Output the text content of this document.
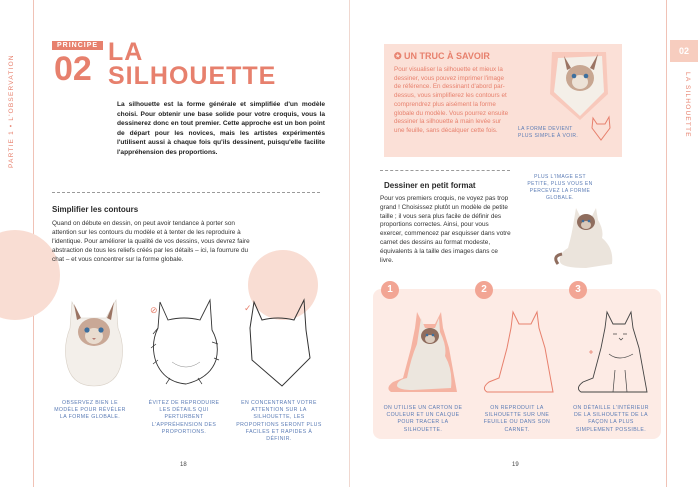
PARTIE 1 • L'OBSERVATION
02
LA SILHOUETTE
PRINCIPE
02 LA
SILHOUETTE

La silhouette est la forme générale et simplifiée d'un modèle choisi. Pour obtenir une base solide pour votre croquis, vous la dessinerez donc en tout premier. Cette approche est un bon point de départ pour les novices, mais les artistes expérimentés l'utilisent aussi à chaque fois qu'ils dessinent, puisqu'elle facilite l'appréhension des proportions.

Simplifier les contours

Quand on débute en dessin, on peut avoir tendance à porter son attention sur les contours du modèle et à tenter de les reproduire à l'identique. Pour améliorer la qualité de vos dessins, vous devrez faire abstraction de tous les reliefs créés par les détails – ici, la fourrure du chat – et vous concentrer sur la forme globale.

⊘	✓
OBSERVEZ BIEN LE MODÈLE POUR RÉVÉLER LA FORME GLOBALE.
ÉVITEZ DE REPRODUIRE LES DÉTAILS QUI PERTURBENT L'APPRÉHENSION DES PROPORTIONS.
EN CONCENTRANT VOTRE ATTENTION SUR LA SILHOUETTE, LES PROPORTIONS SERONT PLUS FACILES ET RAPIDES À DÉFINIR.
18
✪ UN TRUC À SAVOIR

Pour visualiser la silhouette et mieux la dessiner, vous pouvez imprimer l'image de référence. En dessinant d'abord par-dessus, vous simplifierez les contours et comprendrez plus aisément la forme globale du modèle. Vous pourrez ensuite dessiner la silhouette à main levée sur une feuille, sans décalquer cette fois.	LA FORME DEVIENT PLUS SIMPLE À VOIR.
Dessiner en petit format

Pour vos premiers croquis, ne voyez pas trop grand ! Choisissez plutôt un modèle de petite taille ; il vous sera plus facile de définir des proportions correctes. Ainsi, pour vous exercer, commencez par esquisser dans votre carnet des dessins au format modeste, équivalents à la taille des images dans ce livre.

PLUS L'IMAGE EST PETITE, PLUS VOUS EN PERCEVEZ LA FORME GLOBALE.
1	2	3
ON UTILISE UN CARTON DE COULEUR ET UN CALQUE POUR TRACER LA SILHOUETTE.
ON REPRODUIT LA SILHOUETTE SUR UNE FEUILLE OU DANS SON CARNET.
ON DÉTAILLE L'INTÉRIEUR DE LA SILHOUETTE DE LA FAÇON LA PLUS SIMPLEMENT POSSIBLE.
19
